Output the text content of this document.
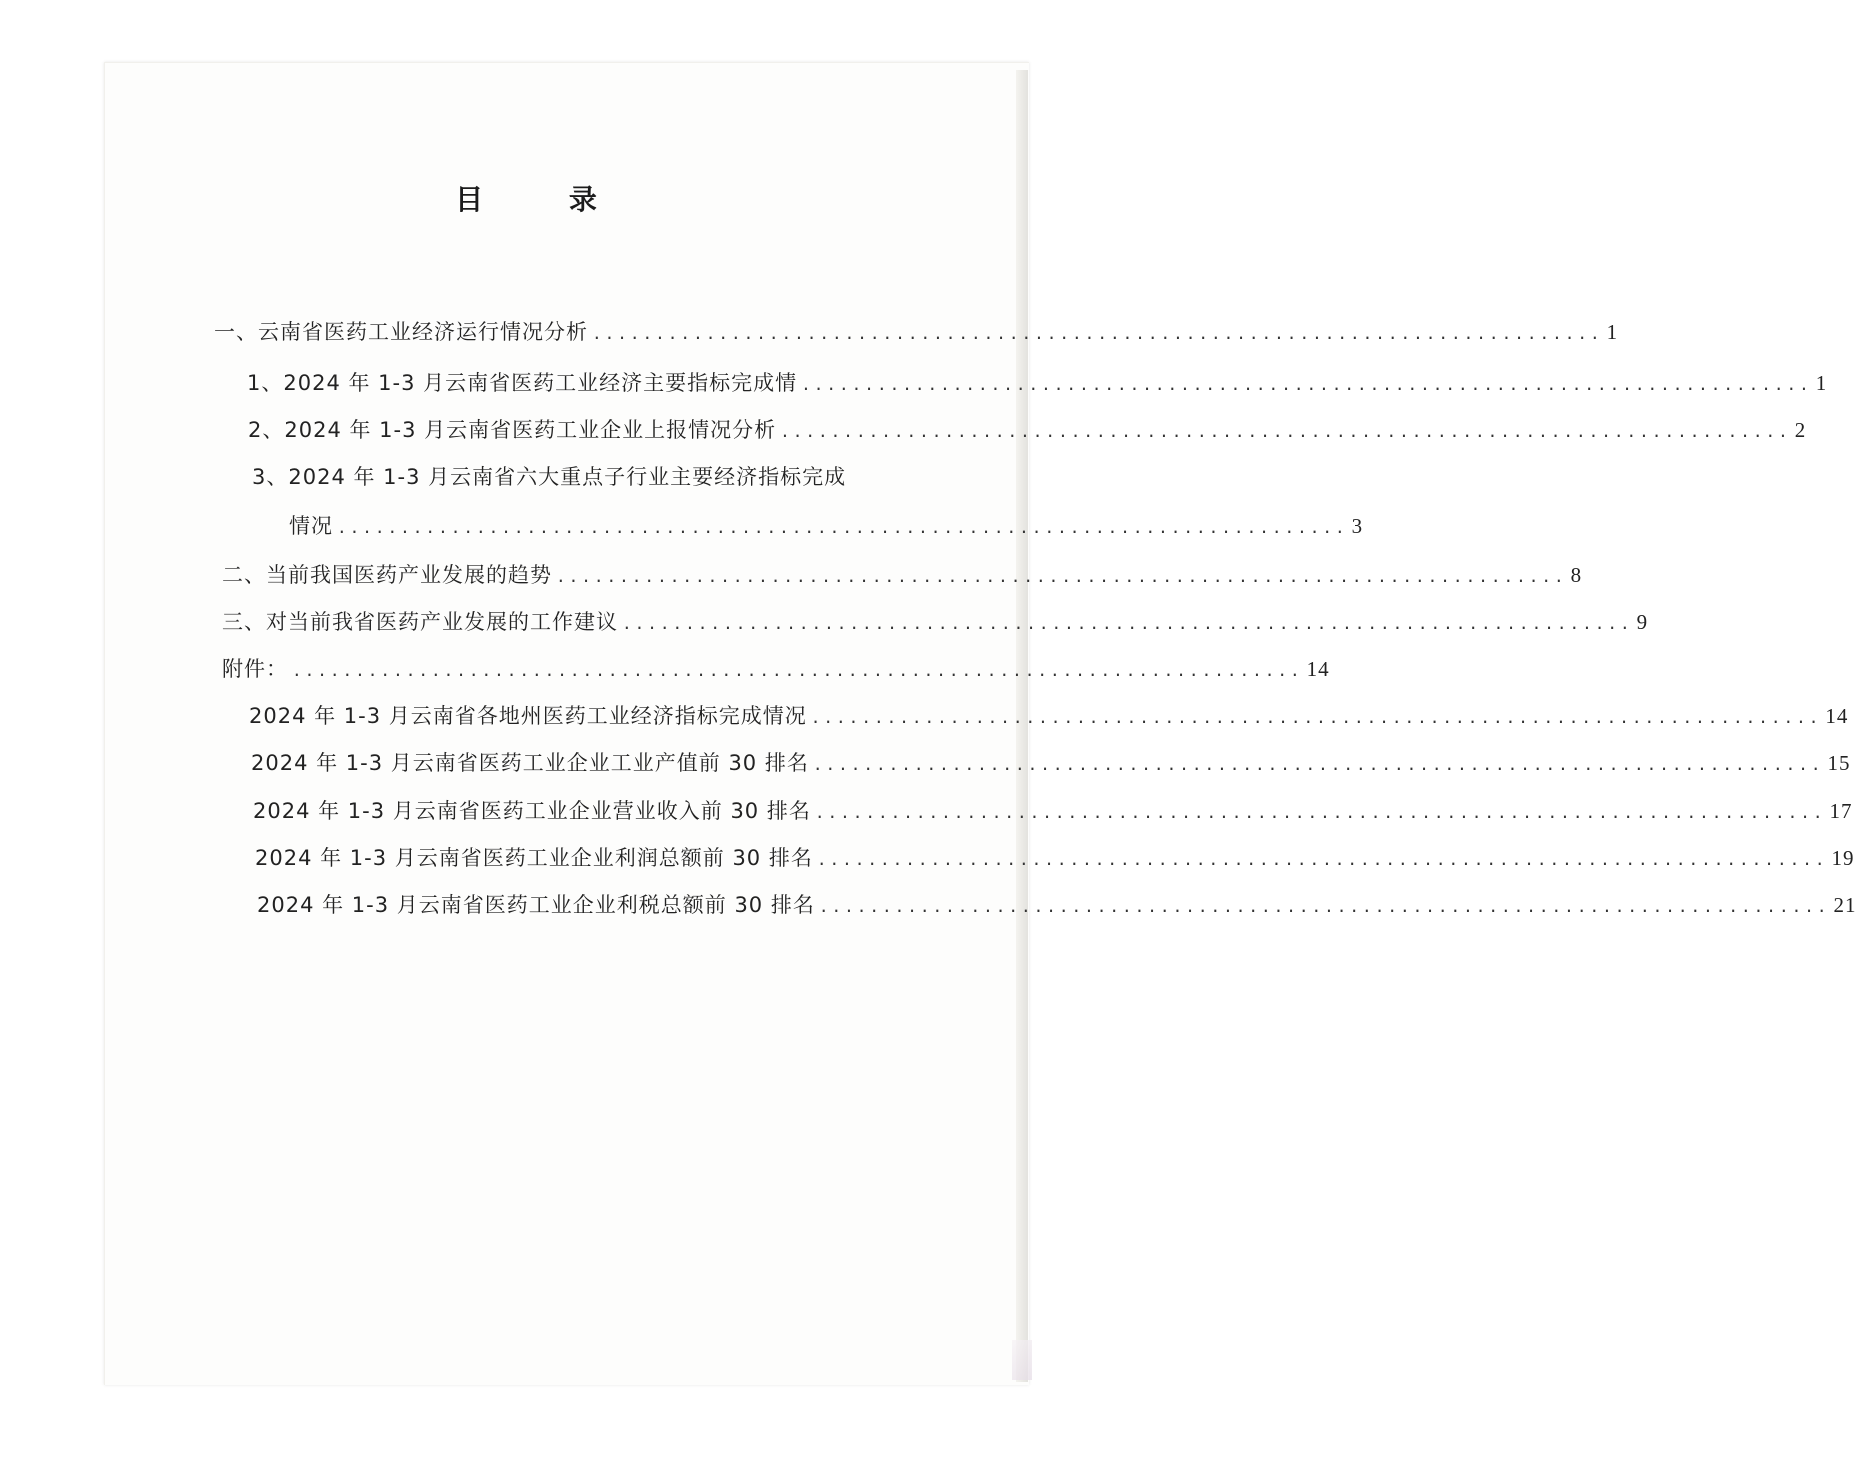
目 录
一、云南省医药工业经济运行情况分析 ................................................................................ 1
1、2024 年 1-3 月云南省医药工业经济主要指标完成情 ................................................................................ 1
2、2024 年 1-3 月云南省医药工业企业上报情况分析 ................................................................................ 2
3、2024 年 1-3 月云南省六大重点子行业主要经济指标完成
情况 ................................................................................ 3
二、当前我国医药产业发展的趋势 ................................................................................ 8
三、对当前我省医药产业发展的工作建议 ................................................................................ 9
附件： ................................................................................ 14
2024 年 1-3 月云南省各地州医药工业经济指标完成情况 ................................................................................ 14
2024 年 1-3 月云南省医药工业企业工业产值前 30 排名 ................................................................................ 15
2024 年 1-3 月云南省医药工业企业营业收入前 30 排名 ................................................................................ 17
2024 年 1-3 月云南省医药工业企业利润总额前 30 排名 ................................................................................ 19
2024 年 1-3 月云南省医药工业企业利税总额前 30 排名 ................................................................................ 21
